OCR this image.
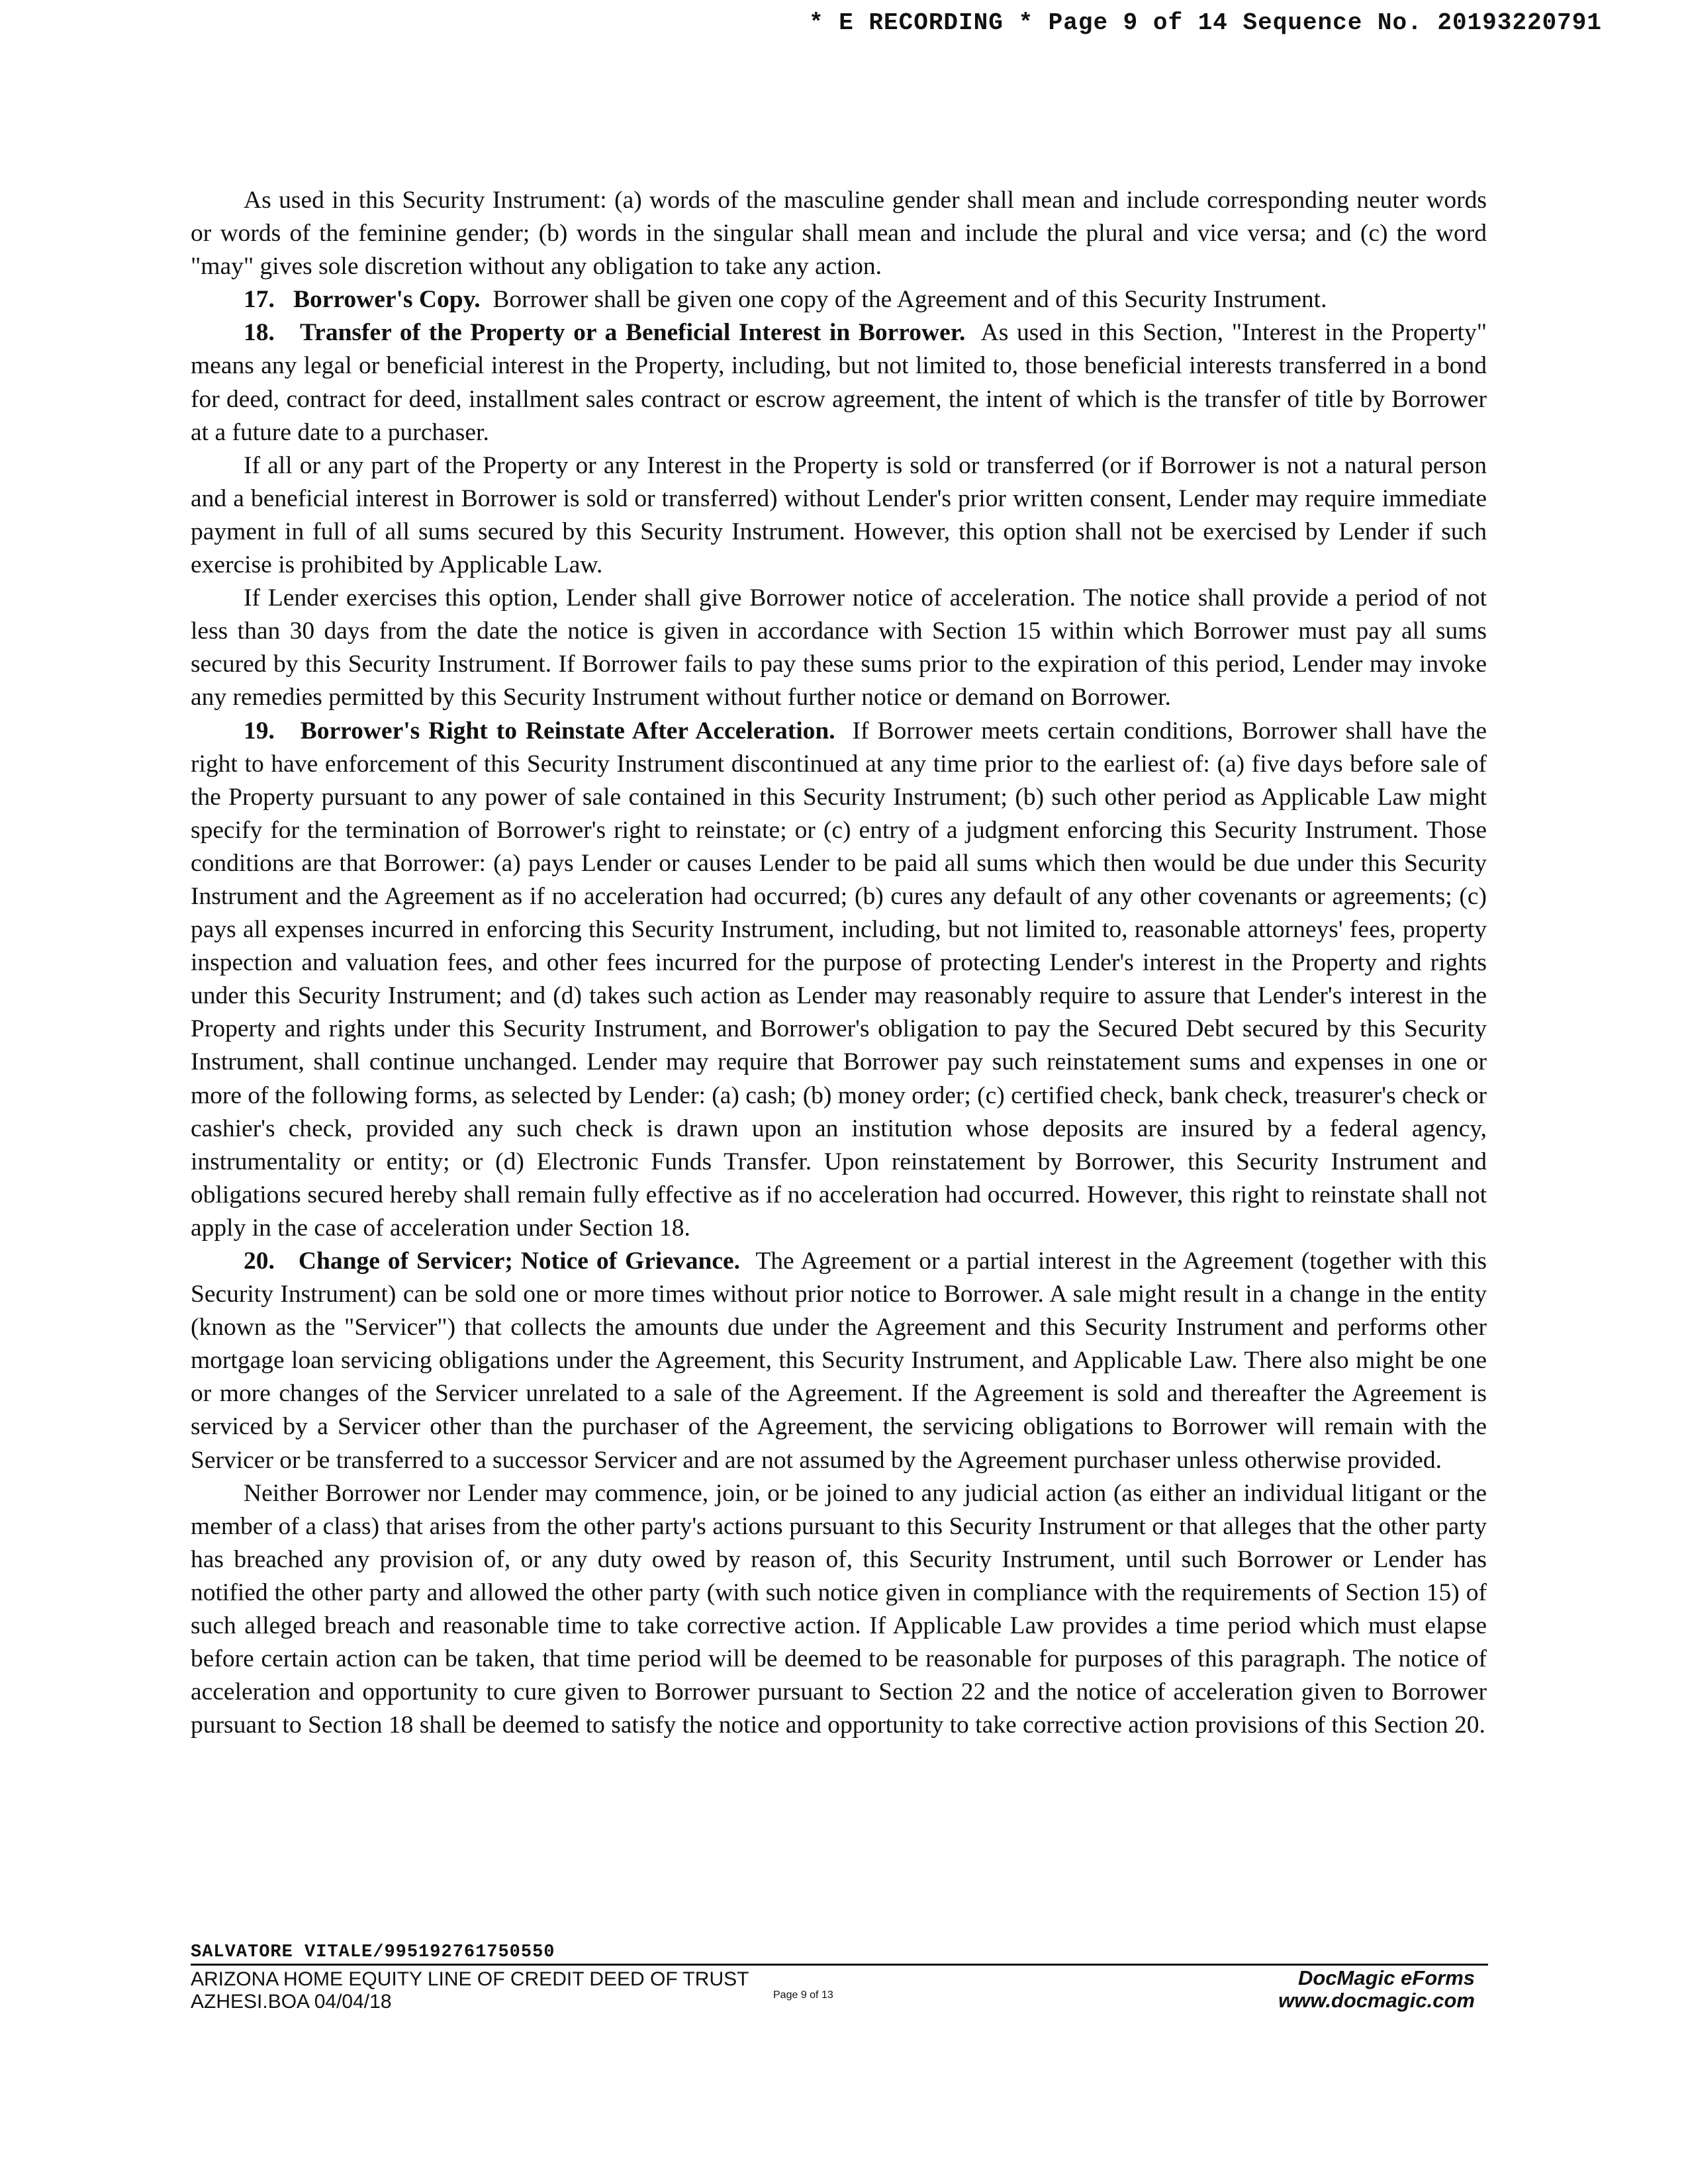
* E RECORDING * Page 9 of 14 Sequence No. 20193220791

As used in this Security Instrument: (a) words of the masculine gender shall mean and include corresponding neuter words or words of the feminine gender; (b) words in the singular shall mean and include the plural and vice versa; and (c) the word "may" gives sole discretion without any obligation to take any action.

17. Borrower's Copy. Borrower shall be given one copy of the Agreement and of this Security Instrument.

18. Transfer of the Property or a Beneficial Interest in Borrower. As used in this Section, "Interest in the Property" means any legal or beneficial interest in the Property, including, but not limited to, those beneficial interests transferred in a bond for deed, contract for deed, installment sales contract or escrow agreement, the intent of which is the transfer of title by Borrower at a future date to a purchaser.

If all or any part of the Property or any Interest in the Property is sold or transferred (or if Borrower is not a natural person and a beneficial interest in Borrower is sold or transferred) without Lender's prior written consent, Lender may require immediate payment in full of all sums secured by this Security Instrument. However, this option shall not be exercised by Lender if such exercise is prohibited by Applicable Law.

If Lender exercises this option, Lender shall give Borrower notice of acceleration. The notice shall provide a period of not less than 30 days from the date the notice is given in accordance with Section 15 within which Borrower must pay all sums secured by this Security Instrument. If Borrower fails to pay these sums prior to the expiration of this period, Lender may invoke any remedies permitted by this Security Instrument without further notice or demand on Borrower.

19. Borrower's Right to Reinstate After Acceleration. If Borrower meets certain conditions, Borrower shall have the right to have enforcement of this Security Instrument discontinued at any time prior to the earliest of: (a) five days before sale of the Property pursuant to any power of sale contained in this Security Instrument; (b) such other period as Applicable Law might specify for the termination of Borrower's right to reinstate; or (c) entry of a judgment enforcing this Security Instrument. Those conditions are that Borrower: (a) pays Lender or causes Lender to be paid all sums which then would be due under this Security Instrument and the Agreement as if no acceleration had occurred; (b) cures any default of any other covenants or agreements; (c) pays all expenses incurred in enforcing this Security Instrument, including, but not limited to, reasonable attorneys' fees, property inspection and valuation fees, and other fees incurred for the purpose of protecting Lender's interest in the Property and rights under this Security Instrument; and (d) takes such action as Lender may reasonably require to assure that Lender's interest in the Property and rights under this Security Instrument, and Borrower's obligation to pay the Secured Debt secured by this Security Instrument, shall continue unchanged. Lender may require that Borrower pay such reinstatement sums and expenses in one or more of the following forms, as selected by Lender: (a) cash; (b) money order; (c) certified check, bank check, treasurer's check or cashier's check, provided any such check is drawn upon an institution whose deposits are insured by a federal agency, instrumentality or entity; or (d) Electronic Funds Transfer. Upon reinstatement by Borrower, this Security Instrument and obligations secured hereby shall remain fully effective as if no acceleration had occurred. However, this right to reinstate shall not apply in the case of acceleration under Section 18.

20. Change of Servicer; Notice of Grievance. The Agreement or a partial interest in the Agreement (together with this Security Instrument) can be sold one or more times without prior notice to Borrower. A sale might result in a change in the entity (known as the "Servicer") that collects the amounts due under the Agreement and this Security Instrument and performs other mortgage loan servicing obligations under the Agreement, this Security Instrument, and Applicable Law. There also might be one or more changes of the Servicer unrelated to a sale of the Agreement. If the Agreement is sold and thereafter the Agreement is serviced by a Servicer other than the purchaser of the Agreement, the servicing obligations to Borrower will remain with the Servicer or be transferred to a successor Servicer and are not assumed by the Agreement purchaser unless otherwise provided.

Neither Borrower nor Lender may commence, join, or be joined to any judicial action (as either an individual litigant or the member of a class) that arises from the other party's actions pursuant to this Security Instrument or that alleges that the other party has breached any provision of, or any duty owed by reason of, this Security Instrument, until such Borrower or Lender has notified the other party and allowed the other party (with such notice given in compliance with the requirements of Section 15) of such alleged breach and reasonable time to take corrective action. If Applicable Law provides a time period which must elapse before certain action can be taken, that time period will be deemed to be reasonable for purposes of this paragraph. The notice of acceleration and opportunity to cure given to Borrower pursuant to Section 22 and the notice of acceleration given to Borrower pursuant to Section 18 shall be deemed to satisfy the notice and opportunity to take corrective action provisions of this Section 20.

SALVATORE VITALE/995192761750550
ARIZONA HOME EQUITY LINE OF CREDIT DEED OF TRUST
AZHESI.BOA 04/04/18	Page 9 of 13
DocMagic eForms
www.docmagic.com
